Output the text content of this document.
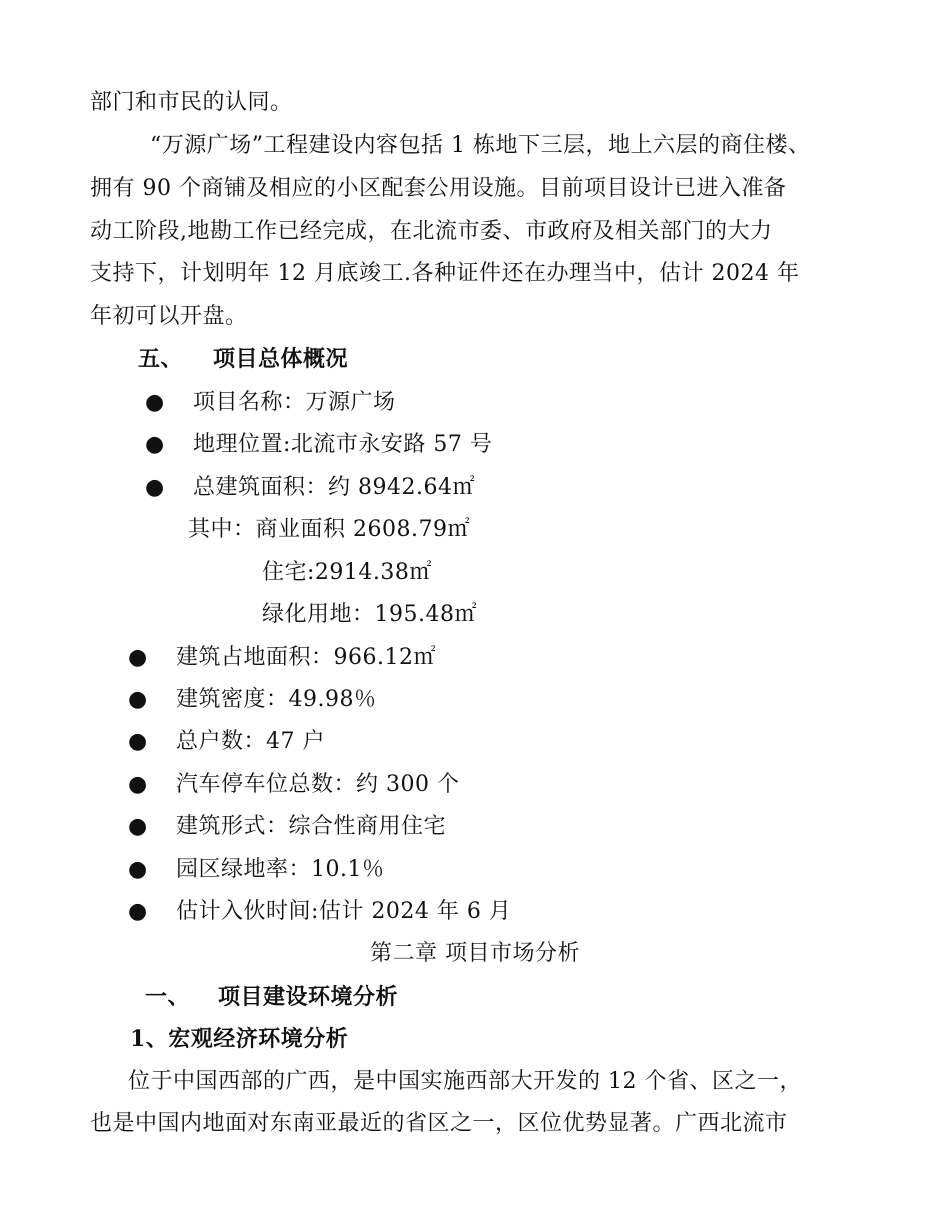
部门和市民的认同。
“万源广场”工程建设内容包括 1 栋地下三层，地上六层的商住楼、
拥有 90 个商铺及相应的小区配套公用设施。目前项目设计已进入准备
动工阶段,地勘工作已经完成，在北流市委、市政府及相关部门的大力
支持下，计划明年 12 月底竣工.各种证件还在办理当中，估计 2024 年
年初可以开盘。
五、 项目总体概况
● 项目名称：万源广场
● 地理位置:北流市永安路 57 号
● 总建筑面积：约 8942.64㎡
其中：商业面积 2608.79㎡
住宅:2914.38㎡
绿化用地：195.48㎡
● 建筑占地面积：966.12㎡
● 建筑密度：49.98％
● 总户数：47 户
● 汽车停车位总数：约 300 个
● 建筑形式：综合性商用住宅
● 园区绿地率：10.1％
● 估计入伙时间:估计 2024 年 6 月
第二章 项目市场分析
一、 项目建设环境分析
1、宏观经济环境分析
位于中国西部的广西，是中国实施西部大开发的 12 个省、区之一，
也是中国内地面对东南亚最近的省区之一，区位优势显著。广西北流市
